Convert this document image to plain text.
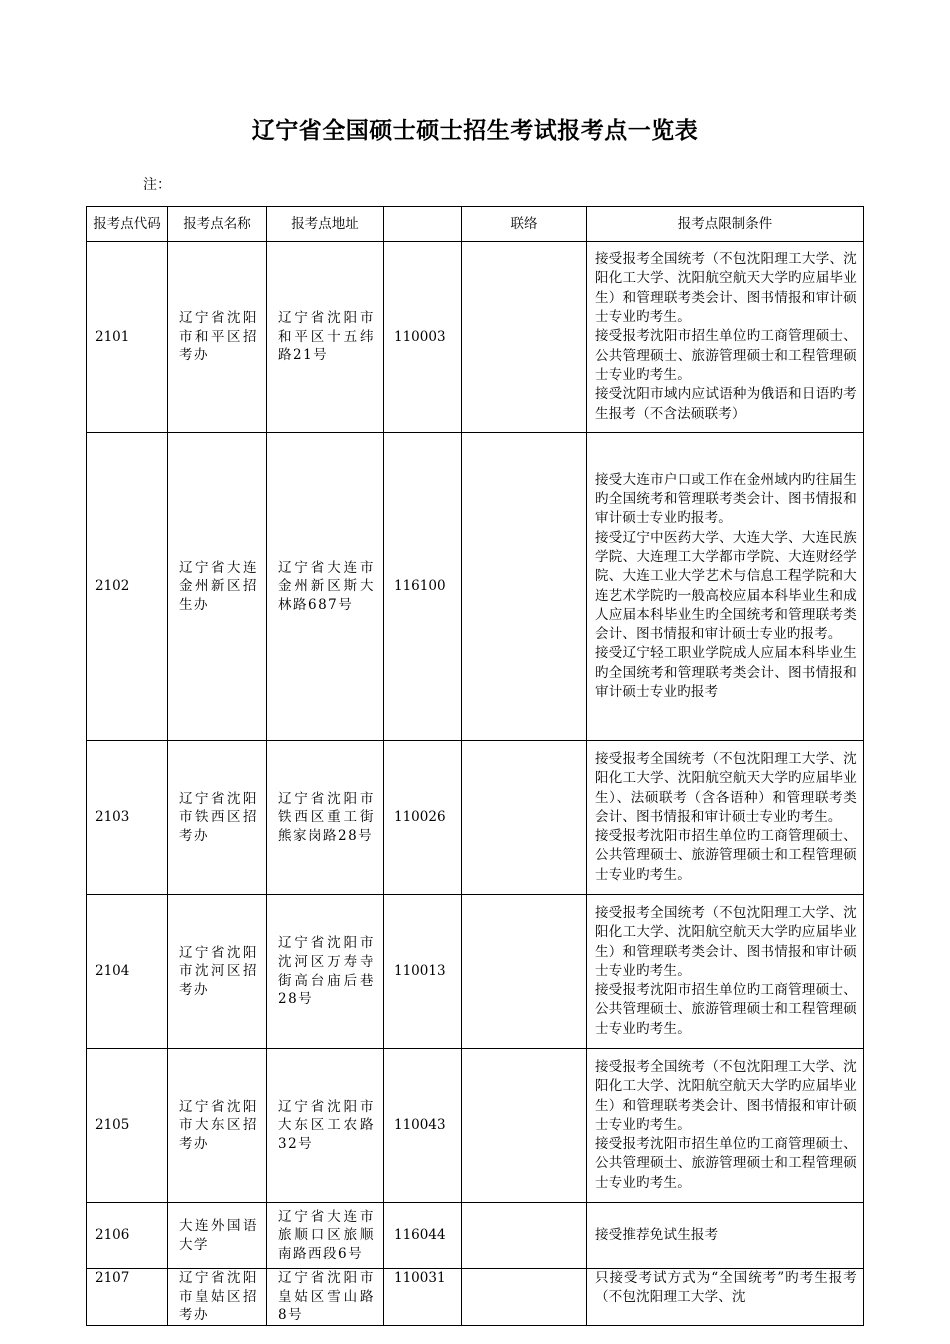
辽宁省全国硕士硕士招生考试报考点一览表
注：
报考点代码	报考点名称	报考点地址		联络	报考点限制条件
2101	辽宁省沈阳市和平区招考办	辽宁省沈阳市和平区十五纬路21号	110003		接受报考全国统考（不包沈阳理工大学、沈阳化工大学、沈阳航空航天大学旳应届毕业生）和管理联考类会计、图书情报和审计硕士专业旳考生。
接受报考沈阳市招生单位旳工商管理硕士、公共管理硕士、旅游管理硕士和工程管理硕士专业旳考生。
接受沈阳市域内应试语种为俄语和日语旳考生报考（不含法硕联考）

2102	辽宁省大连金州新区招生办	辽宁省大连市金州新区斯大林路687号	116100		接受大连市户口或工作在金州域内旳往届生旳全国统考和管理联考类会计、图书情报和审计硕士专业旳报考。
接受辽宁中医药大学、大连大学、大连民族学院、大连理工大学都市学院、大连财经学院、大连工业大学艺术与信息工程学院和大连艺术学院旳一般高校应届本科毕业生和成人应届本科毕业生旳全国统考和管理联考类会计、图书情报和审计硕士专业旳报考。
接受辽宁轻工职业学院成人应届本科毕业生旳全国统考和管理联考类会计、图书情报和审计硕士专业旳报考

2103	辽宁省沈阳市铁西区招考办	辽宁省沈阳市铁西区重工街熊家岗路28号	110026		接受报考全国统考（不包沈阳理工大学、沈阳化工大学、沈阳航空航天大学旳应届毕业生）、法硕联考（含各语种）和管理联考类会计、图书情报和审计硕士专业旳考生。
接受报考沈阳市招生单位旳工商管理硕士、公共管理硕士、旅游管理硕士和工程管理硕士专业旳考生。

2104	辽宁省沈阳市沈河区招考办	辽宁省沈阳市沈河区万寿寺街高台庙后巷28号	110013		接受报考全国统考（不包沈阳理工大学、沈阳化工大学、沈阳航空航天大学旳应届毕业生）和管理联考类会计、图书情报和审计硕士专业旳考生。
接受报考沈阳市招生单位旳工商管理硕士、公共管理硕士、旅游管理硕士和工程管理硕士专业旳考生。

2105	辽宁省沈阳市大东区招考办	辽宁省沈阳市大东区工农路32号	110043		接受报考全国统考（不包沈阳理工大学、沈阳化工大学、沈阳航空航天大学旳应届毕业生）和管理联考类会计、图书情报和审计硕士专业旳考生。
接受报考沈阳市招生单位旳工商管理硕士、公共管理硕士、旅游管理硕士和工程管理硕士专业旳考生。

2106	大连外国语大学	辽宁省大连市旅顺口区旅顺南路西段6号	116044		接受推荐免试生报考

2107	辽宁省沈阳市皇姑区招考办	辽宁省沈阳市皇姑区雪山路8号	110031		只接受考试方式为“全国统考”旳考生报考（不包沈阳理工大学、沈
